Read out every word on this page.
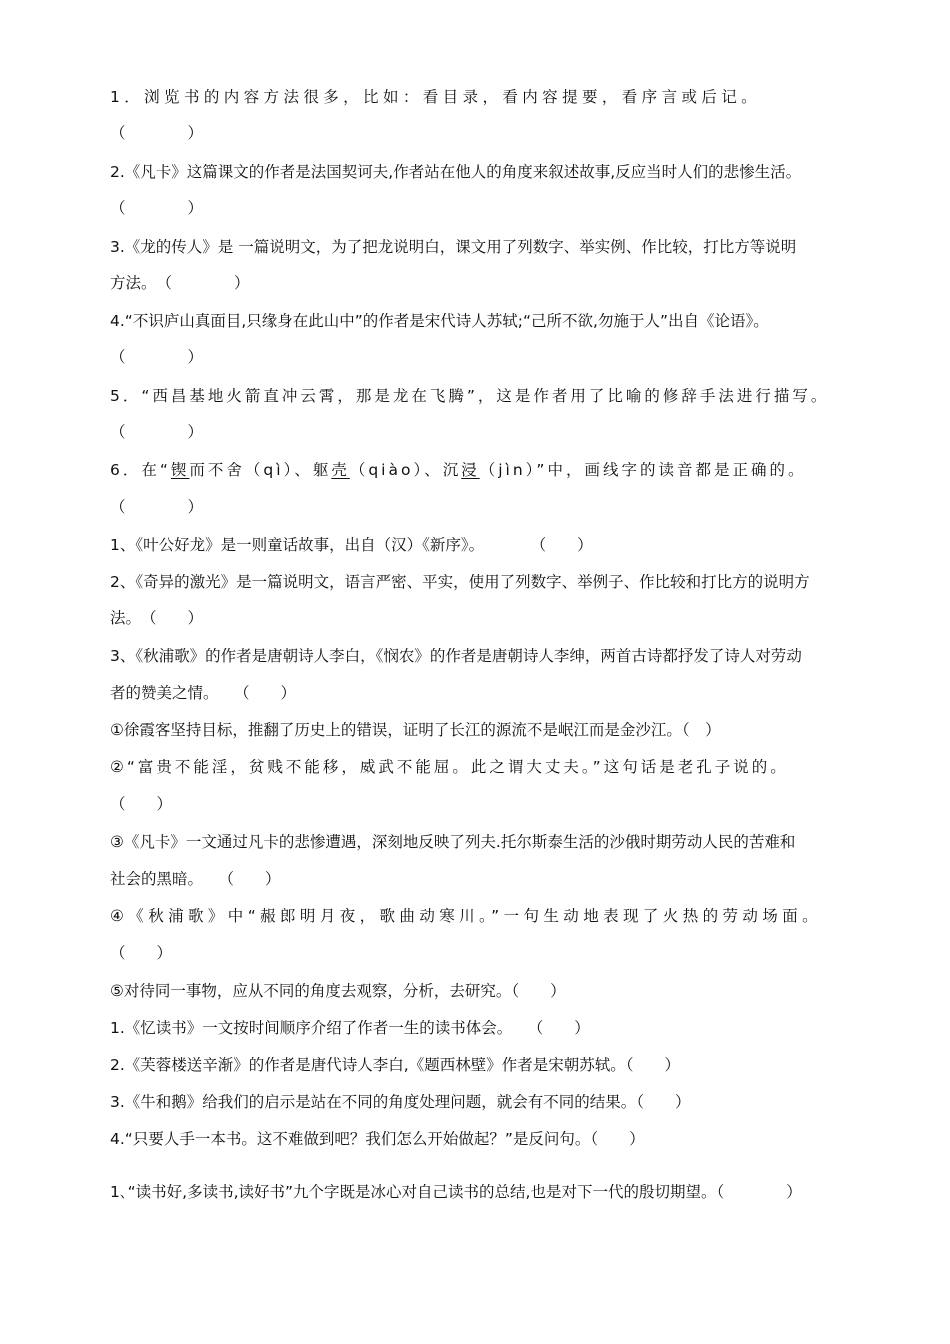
1．浏览书的内容方法很多，比如：看目录，看内容提要，看序言或后记。
（　　　　）
2.《凡卡》这篇课文的作者是法国契诃夫,作者站在他人的角度来叙述故事,反应当时人们的悲惨生活。
（　　　　）
3.《龙的传人》是 一篇说明文，为了把龙说明白，课文用了列数字、举实例、作比较，打比方等说明
方法。　（　　　　）
4.“不识庐山真面目,只缘身在此山中”的作者是宋代诗人苏轼;“己所不欲,勿施于人”出自《论语》。
（　　　　）
5．“西昌基地火箭直冲云霄，那是龙在飞腾”，这是作者用了比喻的修辞手法进行描写。
（　　　　）
6．在“锲而不舍（qì）、躯壳（qiào）、沉浸（jìn）”中，画线字的读音都是正确的。
（　　　　）
1、《叶公好龙》是一则童话故事，出自（汉）《新序》。　　　　（　　）
2、《奇异的激光》是一篇说明文，语言严密、平实，使用了列数字、举例子、作比较和打比方的说明方
法。　（　　）
3、《秋浦歌》的作者是唐朝诗人李白，《悯农》的作者是唐朝诗人李绅，两首古诗都抒发了诗人对劳动
者的赞美之情。　　（　　）
①徐霞客坚持目标，推翻了历史上的错误，证明了长江的源流不是岷江而是金沙江。（　）
②“富贵不能淫，贫贱不能移，威武不能屈。此之谓大丈夫。”这句话是老孔子说的。
（　　）
③《凡卡》一文通过凡卡的悲惨遭遇，深刻地反映了列夫.托尔斯泰生活的沙俄时期劳动人民的苦难和
社会的黑暗。　　（　　）
④《秋浦歌》中“赧郎明月夜，歌曲动寒川。”一句生动地表现了火热的劳动场面。
（　　）
⑤对待同一事物，应从不同的角度去观察，分析，去研究。（　　）
1.《忆读书》一文按时间顺序介绍了作者一生的读书体会。　　（　　）
2.《芙蓉楼送辛渐》的作者是唐代诗人李白,《题西林壁》作者是宋朝苏轼。（　　）
3.《牛和鹅》给我们的启示是站在不同的角度处理问题，就会有不同的结果。（　　）
4.“只要人手一本书。这不难做到吧？我们怎么开始做起？”是反问句。（　　）
1､“读书好,多读书,读好书”九个字既是冰心对自己读书的总结,也是对下一代的殷切期望。（　　　　）
